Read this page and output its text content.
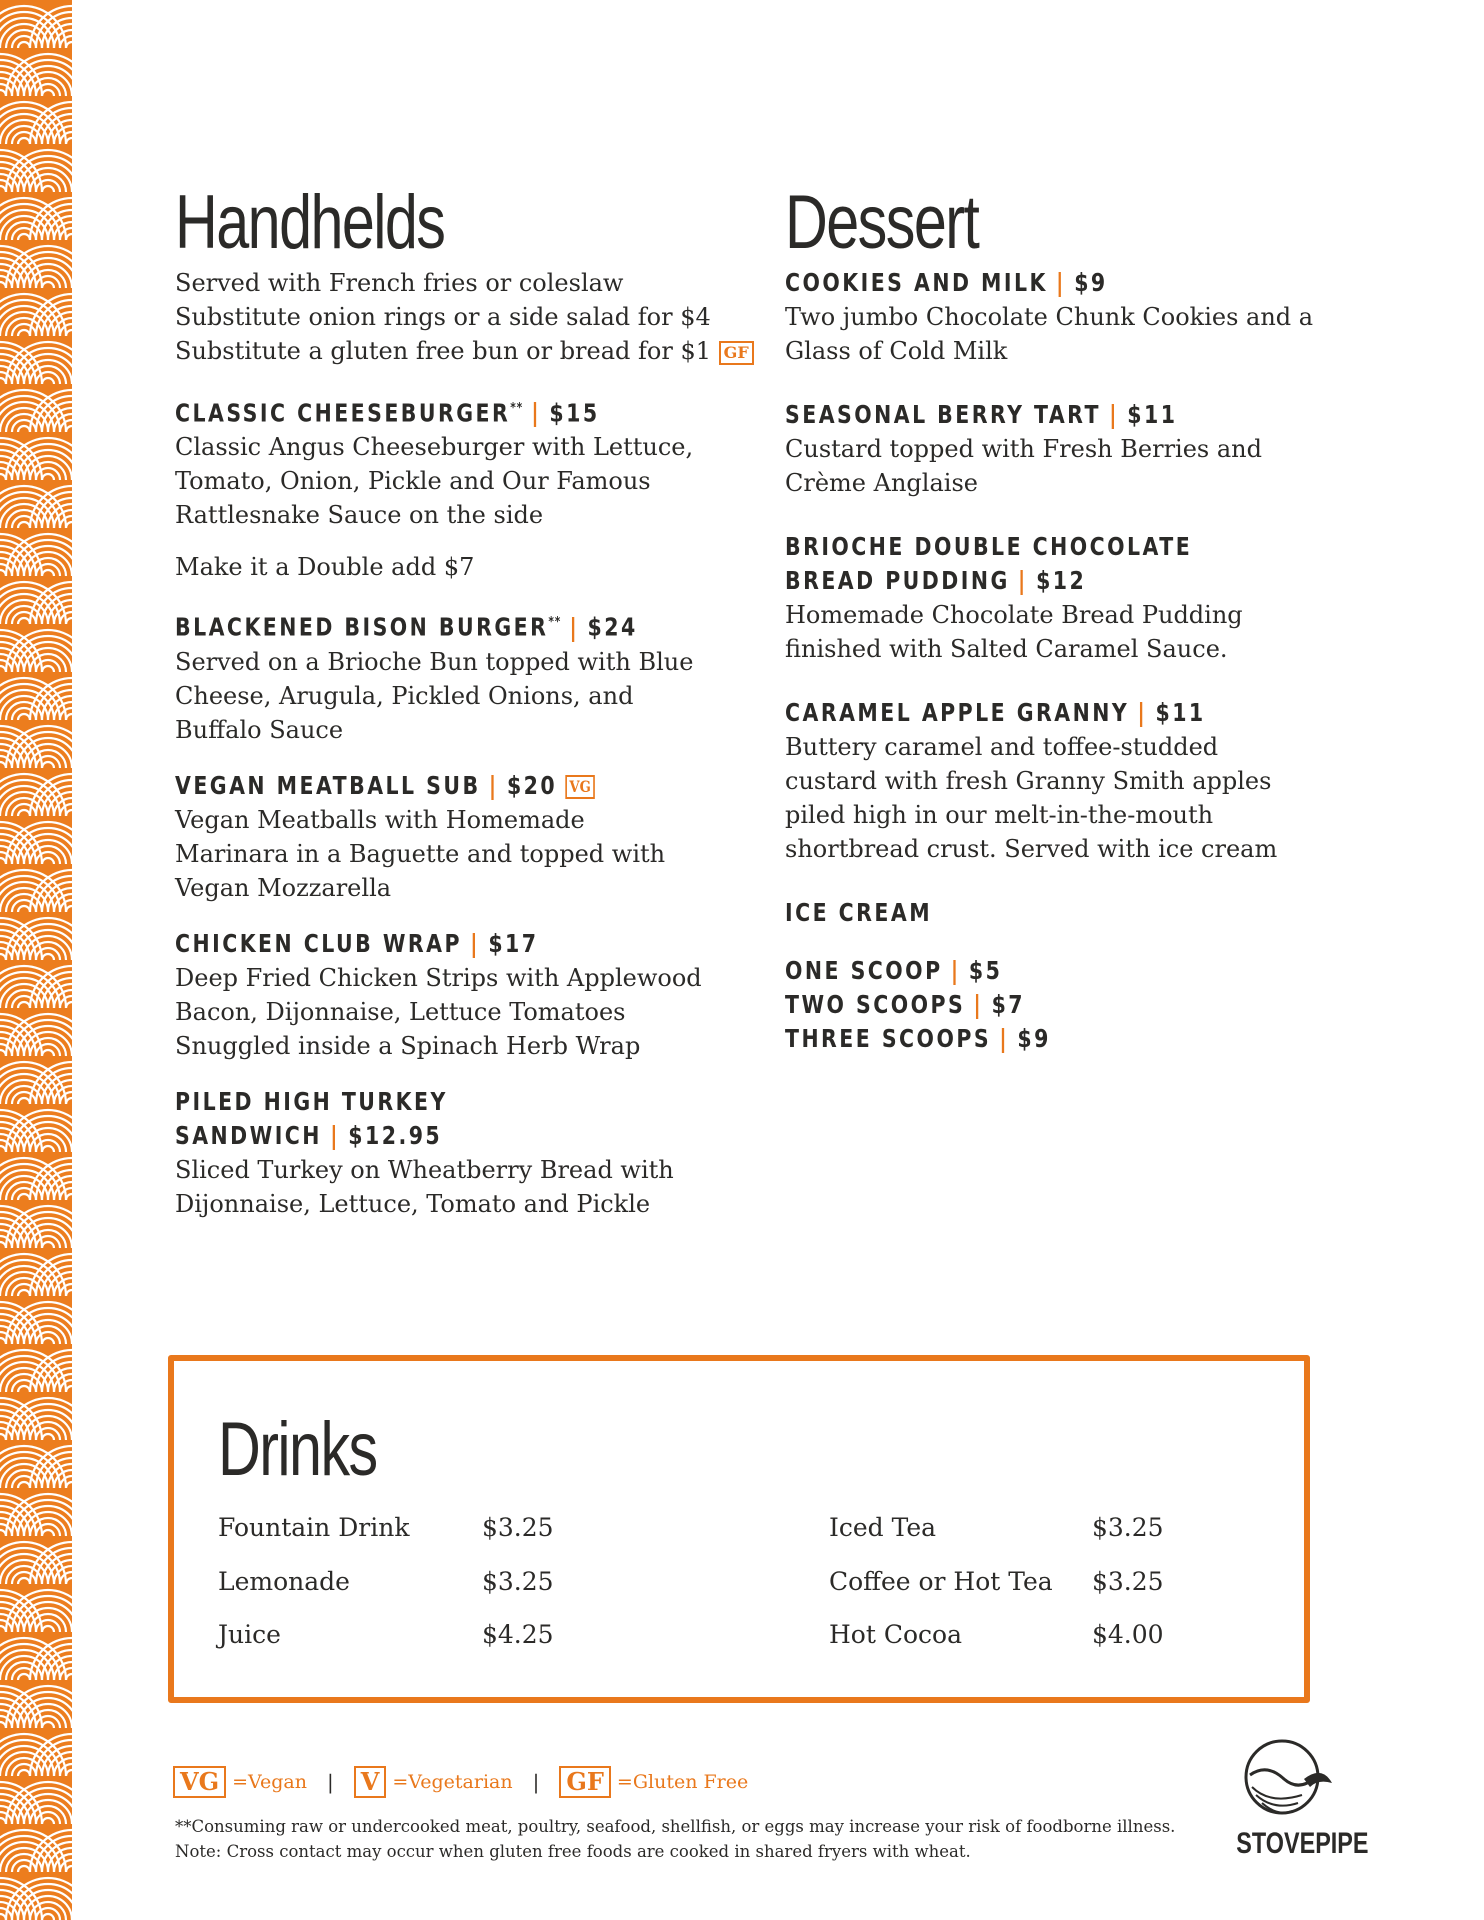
Handhelds
Served with French fries or coleslaw
Substitute onion rings or a side salad for $4
Substitute a gluten free bun or bread for $1 GF
CLASSIC CHEESEBURGER** | $15
Classic Angus Cheeseburger with Lettuce,
Tomato, Onion, Pickle and Our Famous
Rattlesnake Sauce on the side
Make it a Double add $7
BLACKENED BISON BURGER** | $24
Served on a Brioche Bun topped with Blue
Cheese, Arugula, Pickled Onions, and
Buffalo Sauce
VEGAN MEATBALL SUB | $20 VG
Vegan Meatballs with Homemade
Marinara in a Baguette and topped with
Vegan Mozzarella
CHICKEN CLUB WRAP | $17
Deep Fried Chicken Strips with Applewood
Bacon, Dijonnaise, Lettuce Tomatoes
Snuggled inside a Spinach Herb Wrap
PILED HIGH TURKEY
SANDWICH | $12.95
Sliced Turkey on Wheatberry Bread with
Dijonnaise, Lettuce, Tomato and Pickle
Dessert
COOKIES AND MILK | $9
Two jumbo Chocolate Chunk Cookies and a
Glass of Cold Milk
SEASONAL BERRY TART | $11
Custard topped with Fresh Berries and
Crème Anglaise
BRIOCHE DOUBLE CHOCOLATE
BREAD PUDDING | $12
Homemade Chocolate Bread Pudding
finished with Salted Caramel Sauce.
CARAMEL APPLE GRANNY | $11
Buttery caramel and toffee-studded
custard with fresh Granny Smith apples
piled high in our melt-in-the-mouth
shortbread crust. Served with ice cream
ICE CREAM
ONE SCOOP | $5
TWO SCOOPS | $7
THREE SCOOPS | $9
Drinks
Fountain Drink	$3.25
Lemonade	$3.25
Juice	$4.25
Iced Tea	$3.25
Coffee or Hot Tea $3.25
Hot Cocoa	$4.00
VG =Vegan | V =Vegetarian | GF =Gluten Free
**Consuming raw or undercooked meat, poultry, seafood, shellfish, or eggs may increase your risk of foodborne illness.
Note: Cross contact may occur when gluten free foods are cooked in shared fryers with wheat.	STOVEPIPE
